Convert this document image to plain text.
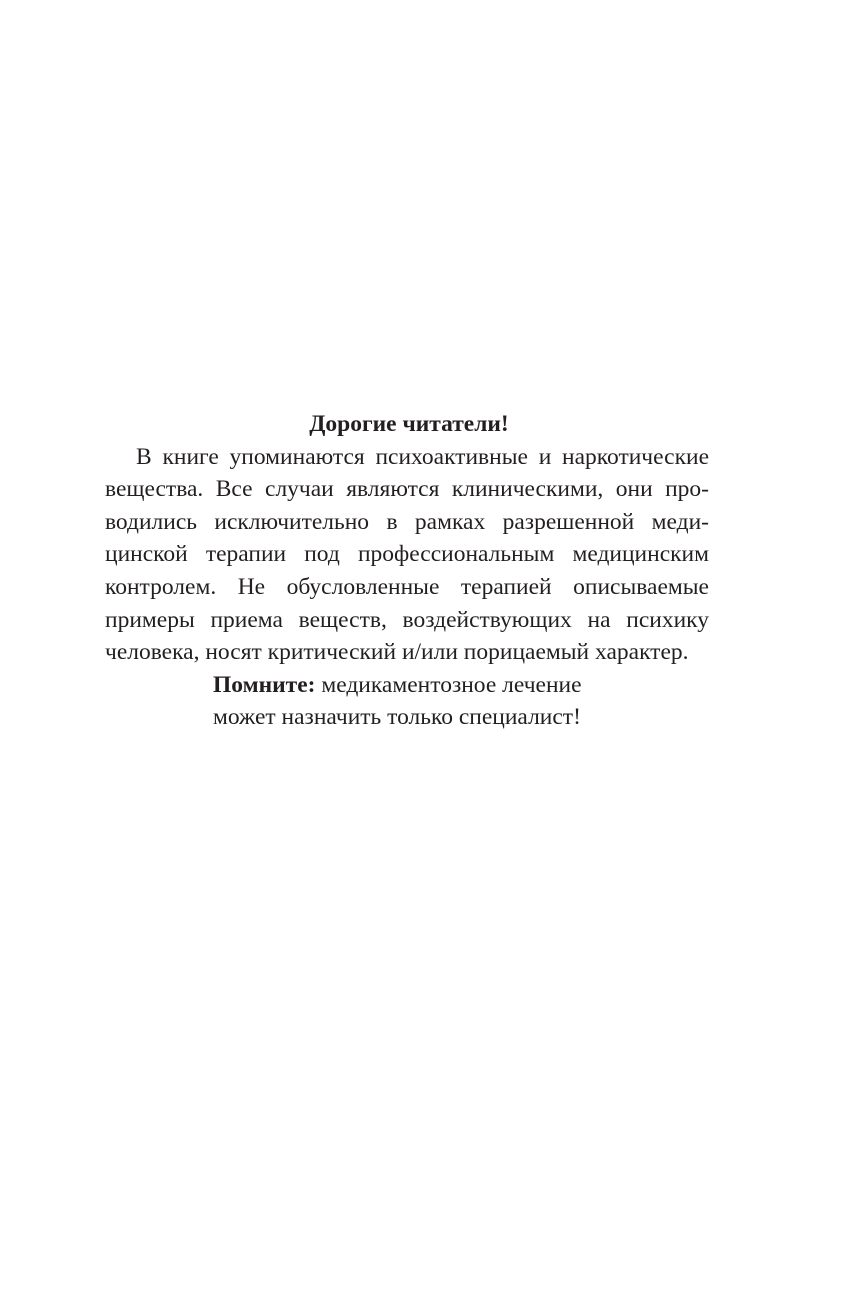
Дорогие читатели!

В книге упоминаются психоактивные и наркотические вещества. Все случаи являются клиническими, они проводились исключительно в рамках разрешенной медицинской терапии под профессиональным медицинским контролем. Не обусловленные терапией описываемые примеры приема веществ, воздействующих на психику человека, носят критический и/или порицаемый характер.

Помните: медикаментозное лечение
может назначить только специалист!
